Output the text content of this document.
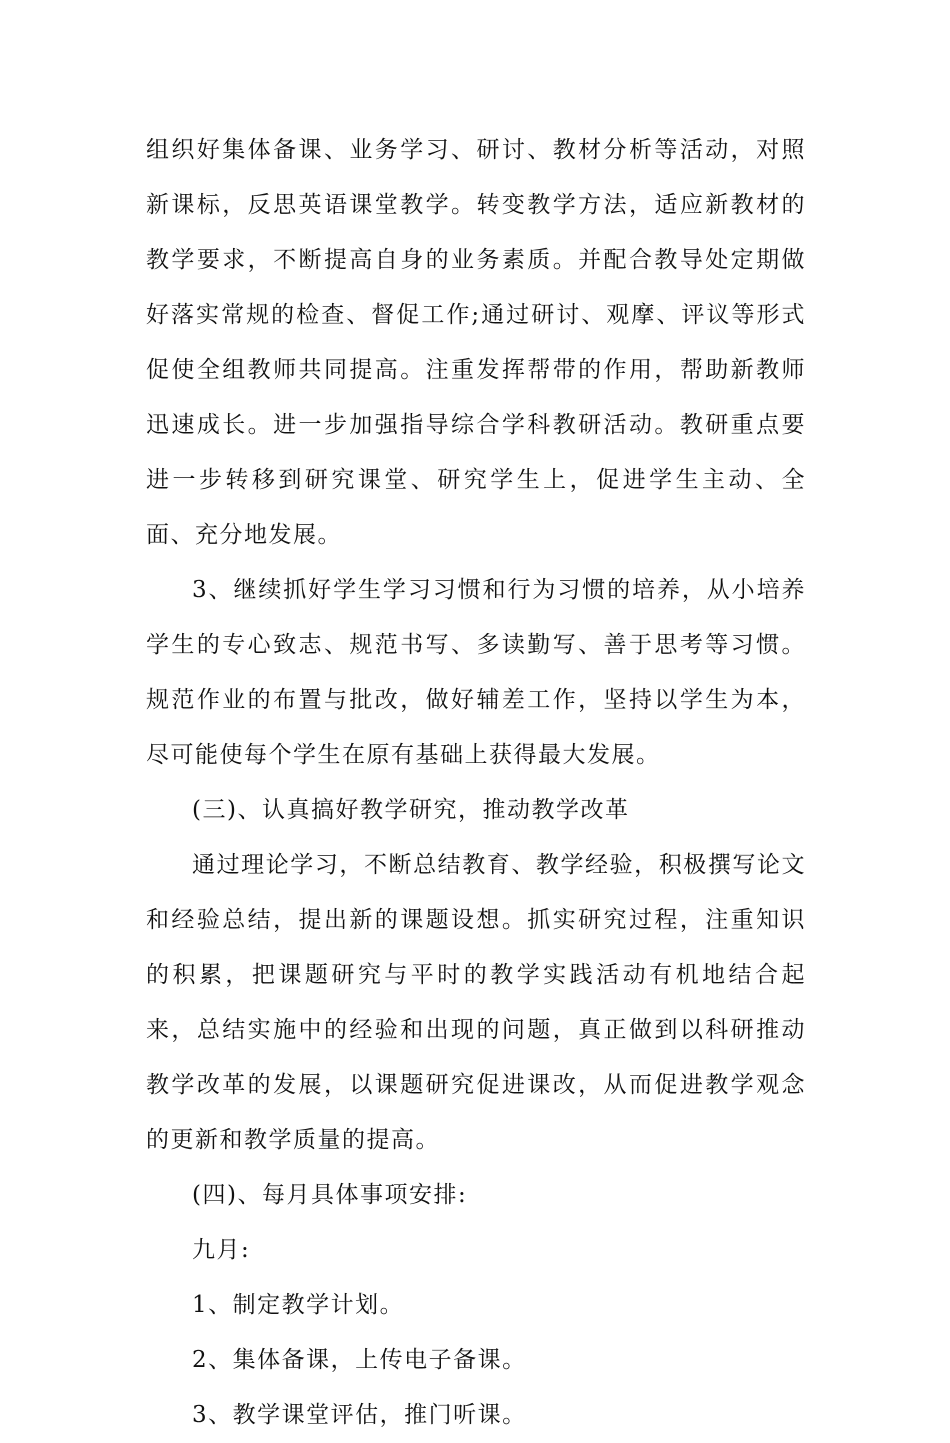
组织好集体备课、业务学习、研讨、教材分析等活动，对照新课标，反思英语课堂教学。转变教学方法，适应新教材的教学要求，不断提高自身的业务素质。并配合教导处定期做好落实常规的检查、督促工作;通过研讨、观摩、评议等形式促使全组教师共同提高。注重发挥帮带的作用，帮助新教师迅速成长。进一步加强指导综合学科教研活动。教研重点要进一步转移到研究课堂、研究学生上，促进学生主动、全面、充分地发展。

3、继续抓好学生学习习惯和行为习惯的培养，从小培养学生的专心致志、规范书写、多读勤写、善于思考等习惯。规范作业的布置与批改，做好辅差工作，坚持以学生为本，尽可能使每个学生在原有基础上获得最大发展。

(三)、认真搞好教学研究，推动教学改革

通过理论学习，不断总结教育、教学经验，积极撰写论文和经验总结，提出新的课题设想。抓实研究过程，注重知识的积累，把课题研究与平时的教学实践活动有机地结合起来，总结实施中的经验和出现的问题，真正做到以科研推动教学改革的发展，以课题研究促进课改，从而促进教学观念的更新和教学质量的提高。

(四)、每月具体事项安排:

九月:

1、制定教学计划。

2、集体备课，上传电子备课。

3、教学课堂评估，推门听课。
